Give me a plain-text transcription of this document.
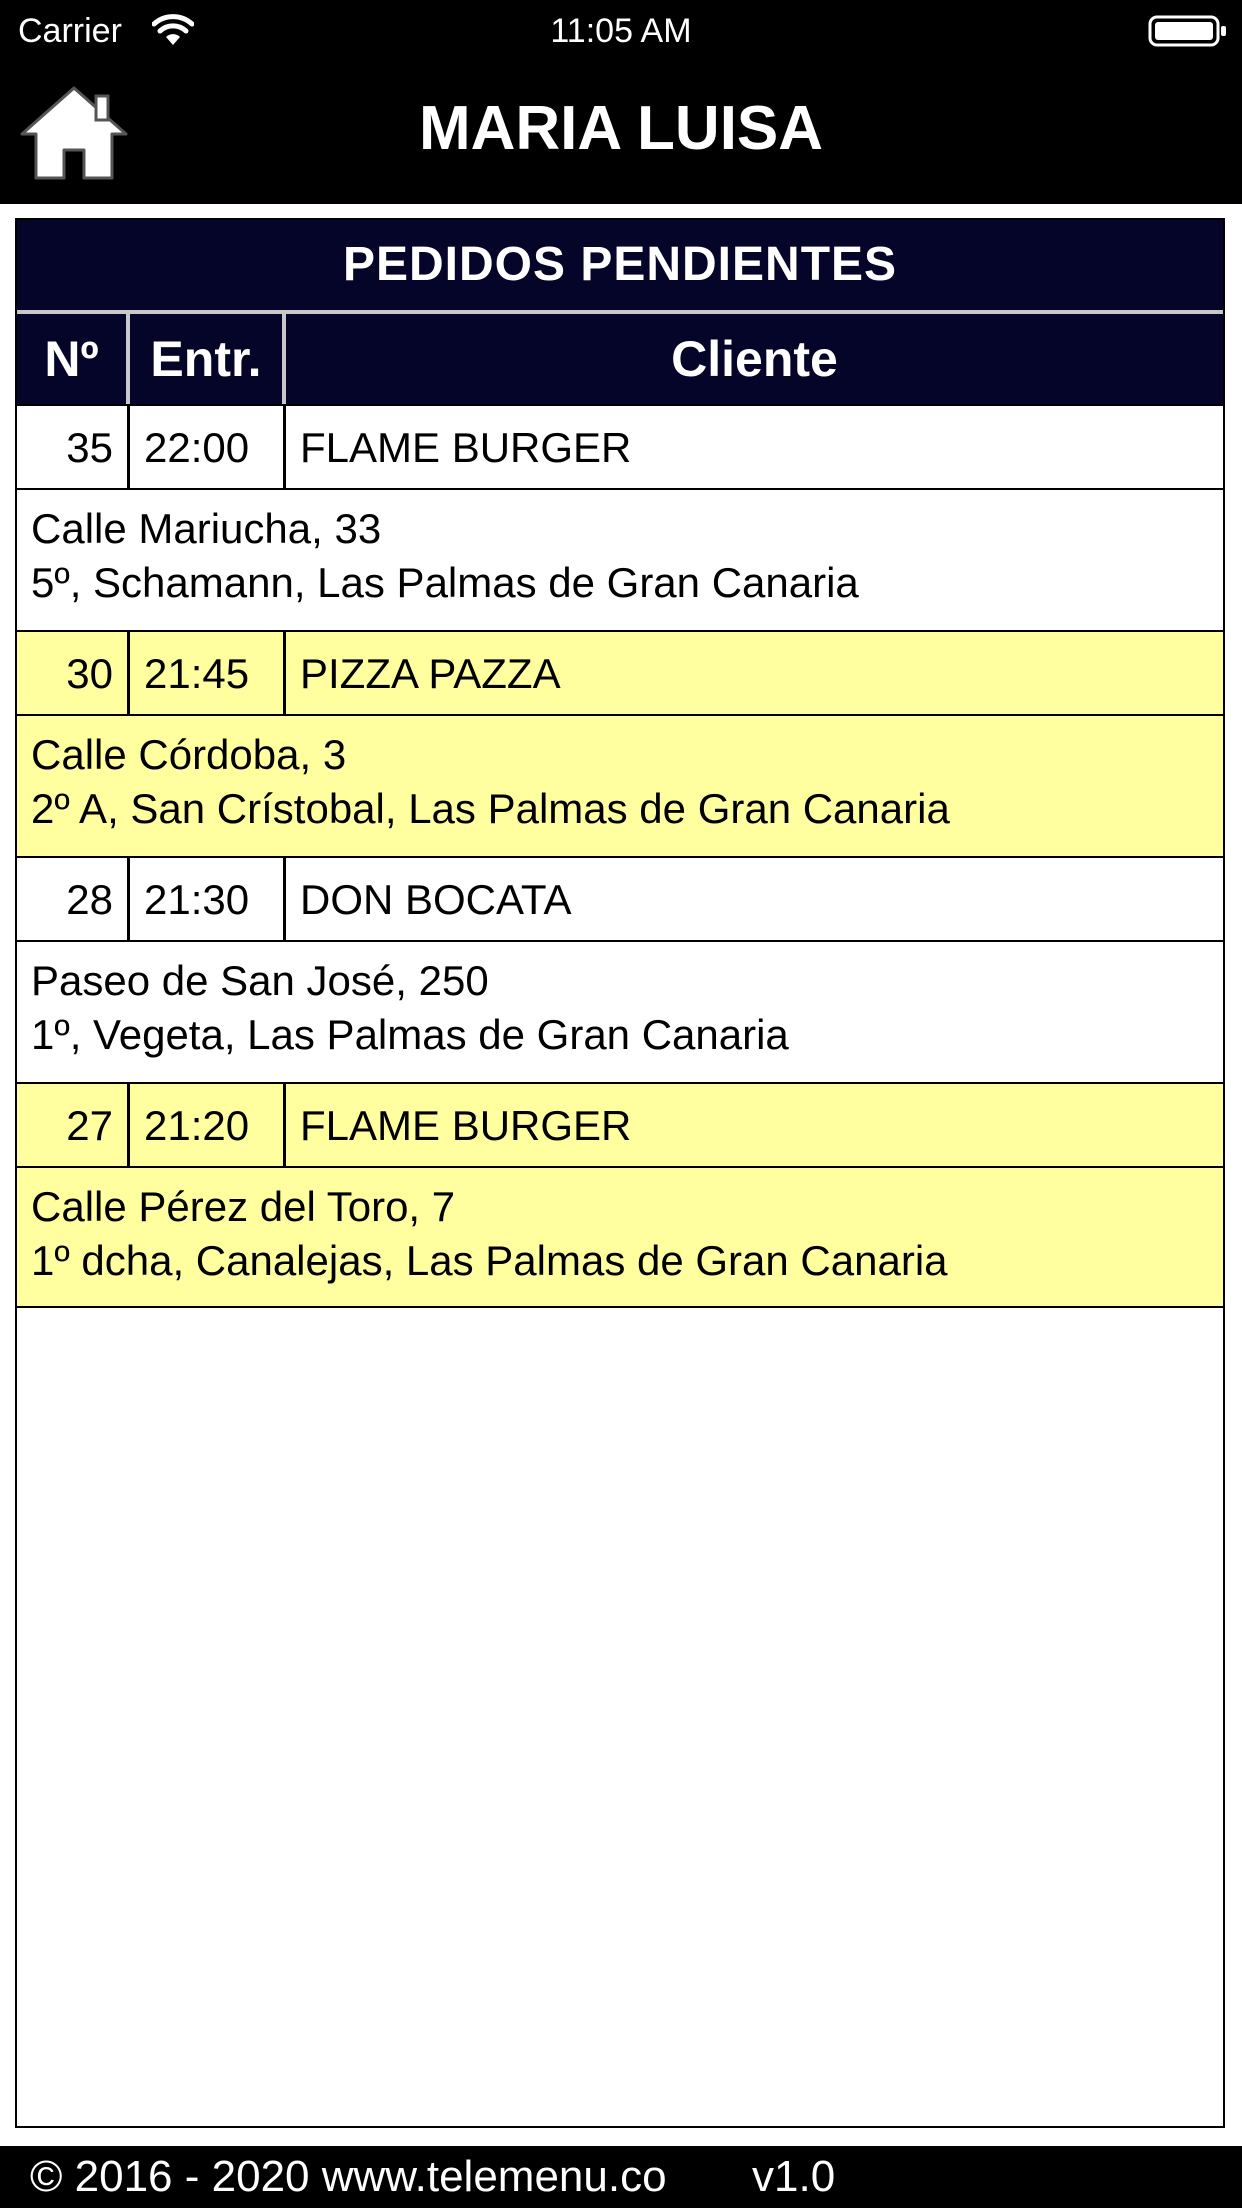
Carrier	11:05 AM
MARIA LUISA
PEDIDOS PENDIENTES
Nº	Entr.	Cliente
35 22:00	FLAME BURGER
Calle Mariucha, 33
5º, Schamann, Las Palmas de Gran Canaria
30 21:45	PIZZA PAZZA
Calle Córdoba, 3
2º A, San Crístobal, Las Palmas de Gran Canaria
28 21:30	DON BOCATA
Paseo de San José, 250
1º, Vegeta, Las Palmas de Gran Canaria
27 21:20	FLAME BURGER
Calle Pérez del Toro, 7
1º dcha, Canalejas, Las Palmas de Gran Canaria
© 2016 - 2020 www.telemenu.co v1.0
